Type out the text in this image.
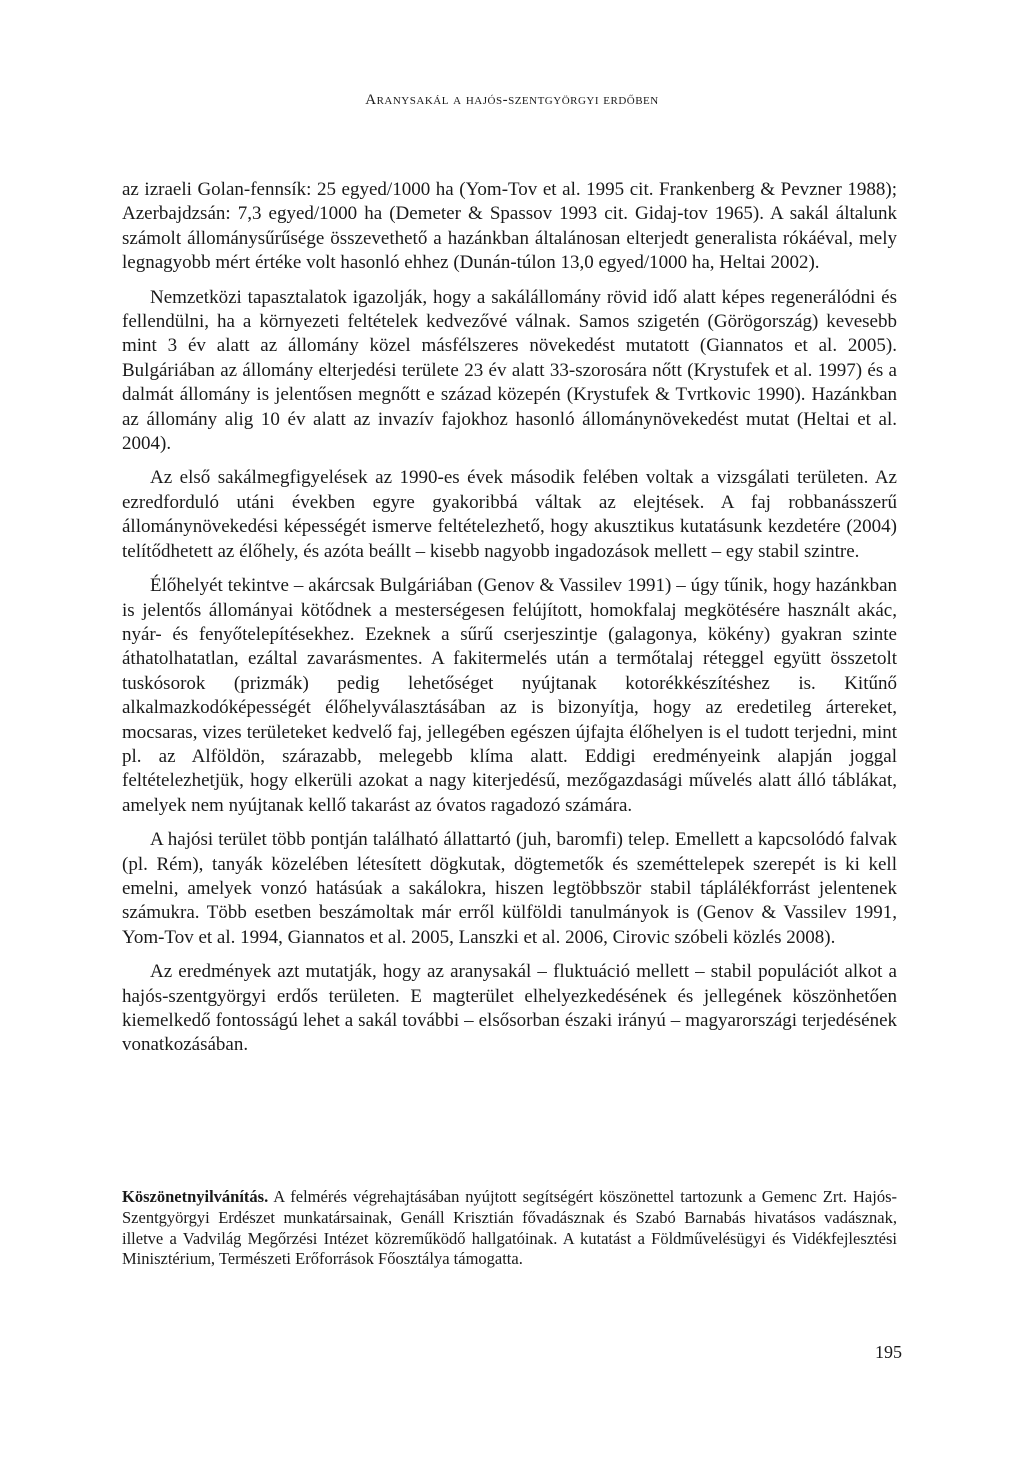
Aranysakál a hajós-szentgyörgyi erdőben

az izraeli Golan-fennsík: 25 egyed/1000 ha (Yom-Tov et al. 1995 cit. Frankenberg & Pevzner 1988); Azerbajdzsán: 7,3 egyed/1000 ha (Demeter & Spassov 1993 cit. Gidaj-tov 1965). A sakál általunk számolt állománysűrűsége összevethető a hazánkban általánosan elterjedt generalista rókáéval, mely legnagyobb mért értéke volt hasonló ehhez (Dunán-túlon 13,0 egyed/1000 ha, Heltai 2002).

Nemzetközi tapasztalatok igazolják, hogy a sakálállomány rövid idő alatt képes regenerálódni és fellendülni, ha a környezeti feltételek kedvezővé válnak. Samos szigetén (Görögország) kevesebb mint 3 év alatt az állomány közel másfélszeres növekedést mutatott (Giannatos et al. 2005). Bulgáriában az állomány elterjedési területe 23 év alatt 33-szorosára nőtt (Krystufek et al. 1997) és a dalmát állomány is jelentősen megnőtt e század közepén (Krystufek & Tvrtkovic 1990). Hazánkban az állomány alig 10 év alatt az invazív fajokhoz hasonló állománynövekedést mutat (Heltai et al. 2004).

Az első sakálmegfigyelések az 1990-es évek második felében voltak a vizsgálati területen. Az ezredforduló utáni években egyre gyakoribbá váltak az elejtések. A faj robbanásszerű állománynövekedési képességét ismerve feltételezhető, hogy akusztikus kutatásunk kezdetére (2004) telítődhetett az élőhely, és azóta beállt – kisebb nagyobb ingadozások mellett – egy stabil szintre.

Élőhelyét tekintve – akárcsak Bulgáriában (Genov & Vassilev 1991) – úgy tűnik, hogy hazánkban is jelentős állományai kötődnek a mesterségesen felújított, homokfalaj megkötésére használt akác, nyár- és fenyőtelepítésekhez. Ezeknek a sűrű cserjeszintje (galagonya, kökény) gyakran szinte áthatolhatatlan, ezáltal zavarásmentes. A fakitermelés után a termőtalaj réteggel együtt összetolt tuskósorok (prizmák) pedig lehetőséget nyújtanak kotorékkészítéshez is. Kitűnő alkalmazkodóképességét élőhelyválasztásában az is bizonyítja, hogy az eredetileg ártereket, mocsaras, vizes területeket kedvelő faj, jellegében egészen újfajta élőhelyen is el tudott terjedni, mint pl. az Alföldön, szárazabb, melegebb klíma alatt. Eddigi eredményeink alapján joggal feltételezhetjük, hogy elkerüli azokat a nagy kiterjedésű, mezőgazdasági művelés alatt álló táblákat, amelyek nem nyújtanak kellő takarást az óvatos ragadozó számára.

A hajósi terület több pontján található állattartó (juh, baromfi) telep. Emellett a kapcsolódó falvak (pl. Rém), tanyák közelében létesített dögkutak, dögtemetők és szeméttelepek szerepét is ki kell emelni, amelyek vonzó hatásúak a sakálokra, hiszen legtöbbször stabil táplálékforrást jelentenek számukra. Több esetben beszámoltak már erről külföldi tanulmányok is (Genov & Vassilev 1991, Yom-Tov et al. 1994, Giannatos et al. 2005, Lanszki et al. 2006, Cirovic szóbeli közlés 2008).

Az eredmények azt mutatják, hogy az aranysakál – fluktuáció mellett – stabil populációt alkot a hajós-szentgyörgyi erdős területen. E magterület elhelyezkedésének és jellegének köszönhetően kiemelkedő fontosságú lehet a sakál további – elsősorban északi irányú – magyarországi terjedésének vonatkozásában.

Köszönetnyilvánítás. A felmérés végrehajtásában nyújtott segítségért köszönettel tartozunk a Gemenc Zrt. Hajós-Szentgyörgyi Erdészet munkatársainak, Genáll Krisztián fővadásznak és Szabó Barnabás hivatásos vadásznak, illetve a Vadvilág Megőrzési Intézet közreműködő hallgatóinak. A kutatást a Földművelésügyi és Vidékfejlesztési Minisztérium, Természeti Erőforrások Főosztálya támogatta.
195
